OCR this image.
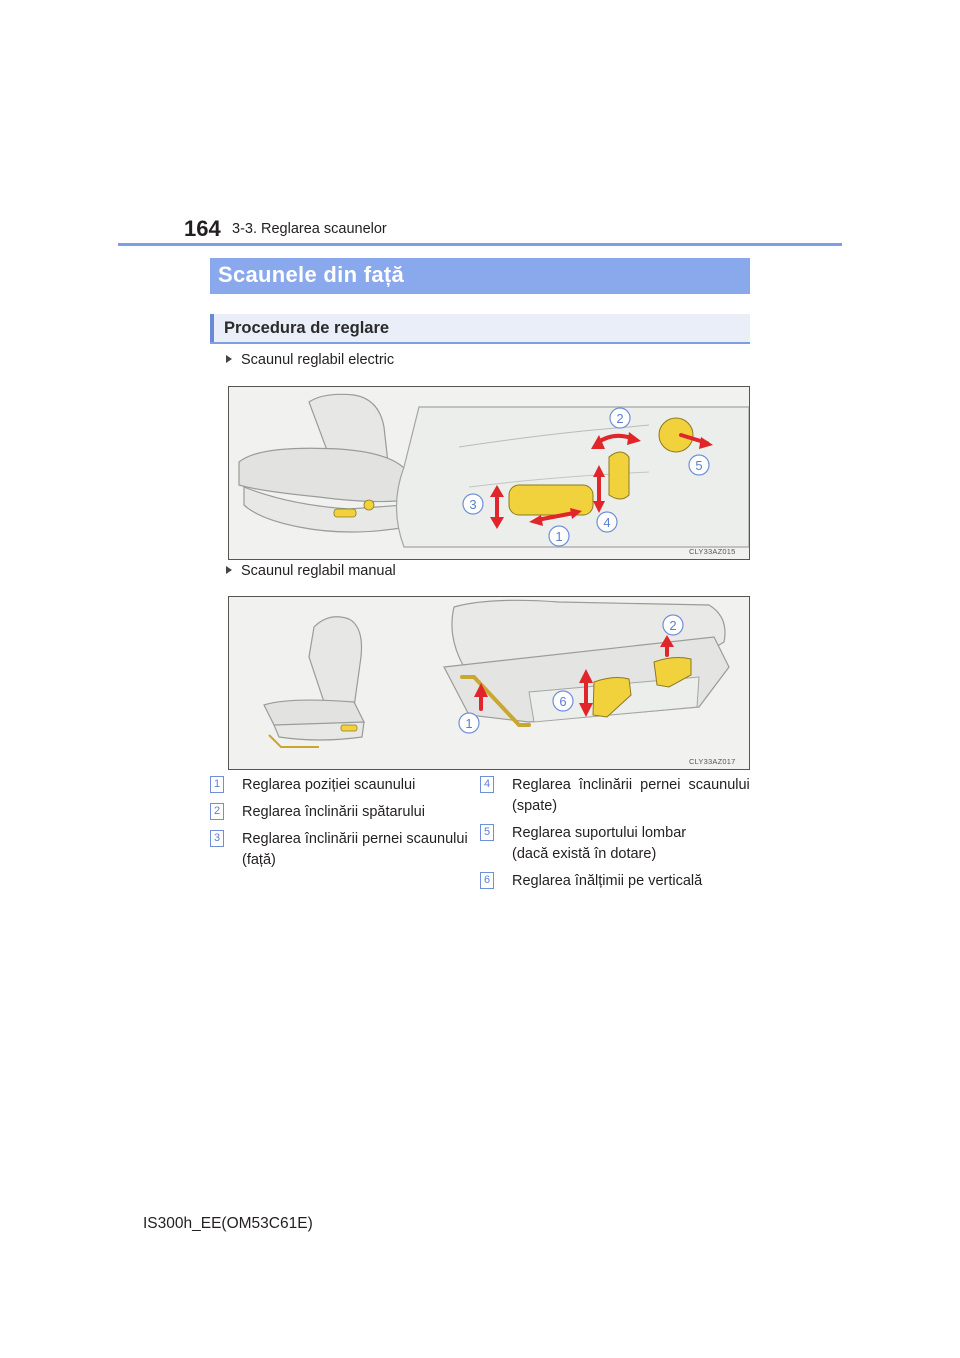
164 3-3. Reglarea scaunelor
Scaunele din față
Procedura de reglare
Scaunul reglabil electric
2
5
3
4
1
CLY33AZ015
Scaunul reglabil manual
2
6
1
CLY33AZ017
1 Reglarea poziției scaunului
2 Reglarea înclinării spătarului
3 Reglarea înclinării pernei scaunului
(față)
4 Reglarea  înclinării  pernei  scaunului
(spate)
5 Reglarea suportului lombar
(dacă există în dotare)
6 Reglarea înălțimii pe verticală
IS300h_EE(OM53C61E)
